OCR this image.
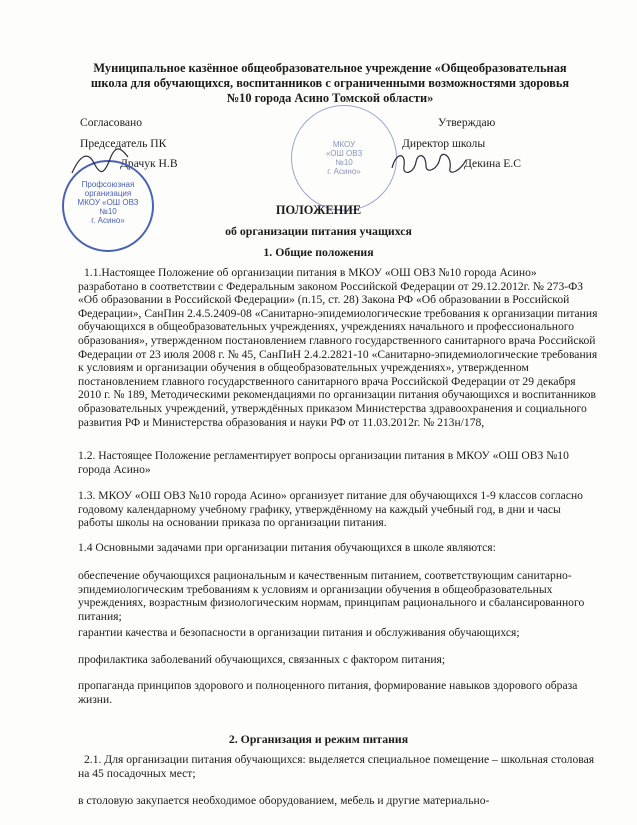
Муниципальное казённое общеобразовательное учреждение «Общеобразовательная
школа для обучающихся, воспитанников с ограниченными возможностями здоровья
№10 города Асино Томской области»
Согласовано
Председатель ПК
Драчук Н.В
Утверждаю
Директор школы
Декина Е.С
Профсоюзная
организация
МКОУ «ОШ ОВЗ
№10
г. Асино»
МКОУ
«ОШ ОВЗ
№10
г. Асино»
ПОЛОЖЕНИЕ
об организации питания учащихся
1. Общие положения
1.1.Настоящее Положение об организации питания в МКОУ «ОШ ОВЗ №10 города Асино» разработано в соответствии с Федеральным законом Российской Федерации от 29.12.2012г. № 273-ФЗ «Об образовании в Российской Федерации» (п.15, ст. 28) Закона РФ «Об образовании в Российской Федерации», СанПин 2.4.5.2409-08 «Санитарно-эпидемиологические требования к организации питания обучающихся в общеобразовательных учреждениях, учреждениях начального и профессионального образования», утвержденном постановлением главного государственного санитарного врача Российской Федерации от 23 июля 2008 г. № 45, СанПиН 2.4.2.2821-10 «Санитарно-эпидемиологические требования к условиям и организации обучения в общеобразовательных учреждениях», утвержденном постановлением главного государственного санитарного врача Российской Федерации от 29 декабря 2010 г. № 189, Методическими рекомендациями по организации питания обучающихся и воспитанников образовательных учреждений, утверждённых приказом Министерства здравоохранения и социального развития РФ и Министерства образования и науки РФ от 11.03.2012г. № 213н/178,
1.2. Настоящее Положение регламентирует вопросы организации питания в МКОУ «ОШ ОВЗ №10 города Асино»
1.3. МКОУ «ОШ ОВЗ №10 города Асино» организует питание для обучающихся 1-9 классов согласно годовому календарному учебному графику, утверждённому на каждый учебный год, в дни и часы работы школы на основании приказа по организации питания.
1.4 Основными задачами при организации питания обучающихся в школе являются:
обеспечение обучающихся рациональным и качественным питанием, соответствующим санитарно-эпидемиологическим требованиям к условиям и организации обучения в общеобразовательных учреждениях, возрастным физиологическим нормам, принципам рационального и сбалансированного питания;
гарантии качества и безопасности в организации питания и обслуживания обучающихся;
профилактика заболеваний обучающихся, связанных с фактором питания;
пропаганда принципов здорового и полноценного питания, формирование навыков здорового образа жизни.
2. Организация и режим питания
2.1. Для организации питания обучающихся: выделяется специальное помещение – школьная столовая на 45 посадочных мест;
в столовую закупается необходимое оборудованием, мебель и другие материально-
